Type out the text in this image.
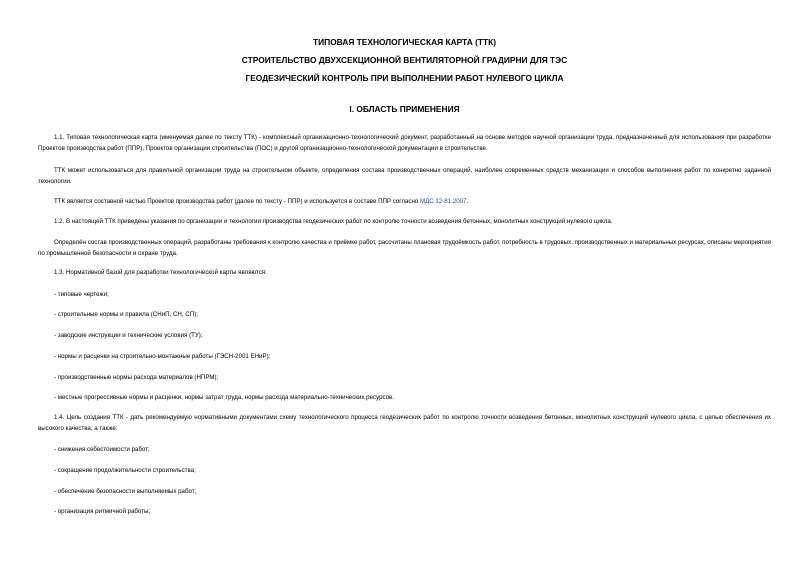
ТИПОВАЯ ТЕХНОЛОГИЧЕСКАЯ КАРТА (ТТК)
СТРОИТЕЛЬСТВО ДВУХСЕКЦИОННОЙ ВЕНТИЛЯТОРНОЙ ГРАДИРНИ ДЛЯ ТЭС
ГЕОДЕЗИЧЕСКИЙ КОНТРОЛЬ ПРИ ВЫПОЛНЕНИИ РАБОТ НУЛЕВОГО ЦИКЛА
I. ОБЛАСТЬ ПРИМЕНЕНИЯ
1.1. Типовая технологическая карта (именуемая далее по тексту ТТК) - комплексный организационно-технологический документ, разработанный на основе методов научной организации труда, предназначенный для использования при разработке Проектов производства работ (ППР), Проектов организации строительства (ПОС) и другой организационно-технологической документации в строительстве.
ТТК может использоваться для правильной организации труда на строительном объекте, определения состава производственных операций, наиболее современных средств механизации и способов выполнения работ по конкретно заданной технологии.
ТТК является составной частью Проектов производства работ (далее по тексту - ППР) и используется в составе ППР согласно МДС 12-81.2007.
1.2. В настоящей ТТК приведены указания по организации и технологии производства геодезических работ по контролю точности возведения бетонных, монолитных конструкций нулевого цикла.
Определён состав производственных операций, разработаны требования к контролю качества и приёмке работ, рассчитаны плановая трудоёмкость работ, потребность в трудовых, производственных и материальных ресурсах, описаны мероприятия по промышленной безопасности и охране труда.
1.3. Нормативной базой для разработки технологической карты являются:
- типовые чертежи;
- строительные нормы и правила (СНиП, СН, СП);
- заводские инструкции и технические условия (ТУ);
- нормы и расценки на строительно-монтажные работы (ГЭСН-2001 ЕНиР);
- производственные нормы расхода материалов (НПРМ);
- местные прогрессивные нормы и расценки, нормы затрат труда, нормы расхода материально-технических ресурсов.
1.4. Цель создания ТТК - дать рекомендуемую нормативными документами схему технологического процесса геодезических работ по контролю точности возведения бетонных, монолитных конструкций нулевого цикла, с целью обеспечения их высокого качества, а также:
- снижения себестоимости работ;
- сокращение продолжительности строительства;
- обеспечение безопасности выполняемых работ;
- организация ритмичной работы;
